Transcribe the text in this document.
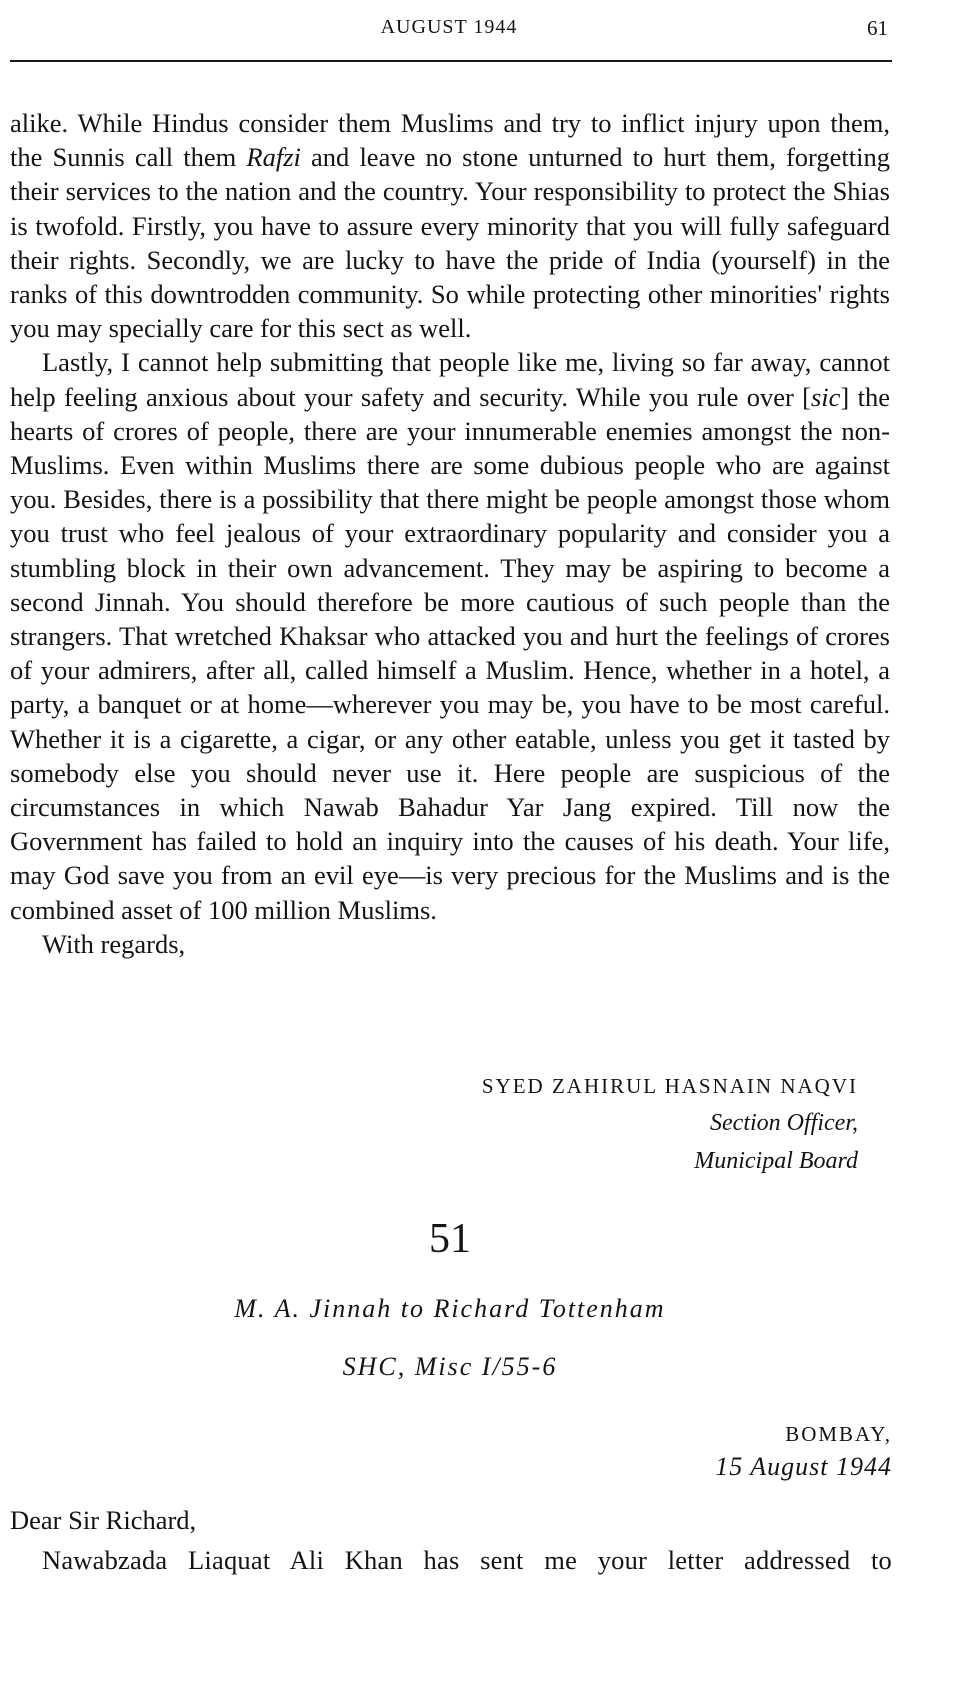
AUGUST 1944	61

alike. While Hindus consider them Muslims and try to inflict injury upon them, the Sunnis call them Rafzi and leave no stone unturned to hurt them, forgetting their services to the nation and the country. Your responsibility to protect the Shias is twofold. Firstly, you have to assure every minority that you will fully safeguard their rights. Secondly, we are lucky to have the pride of India (yourself) in the ranks of this downtrodden community. So while protecting other minorities' rights you may specially care for this sect as well.

Lastly, I cannot help submitting that people like me, living so far away, cannot help feeling anxious about your safety and security. While you rule over [sic] the hearts of crores of people, there are your innumerable enemies amongst the non-Muslims. Even within Muslims there are some dubious people who are against you. Besides, there is a possibility that there might be people amongst those whom you trust who feel jealous of your extraordinary popularity and consider you a stumbling block in their own advancement. They may be aspiring to become a second Jinnah. You should therefore be more cautious of such people than the strangers. That wretched Khaksar who attacked you and hurt the feelings of crores of your admirers, after all, called himself a Muslim. Hence, whether in a hotel, a party, a banquet or at home—wherever you may be, you have to be most careful. Whether it is a cigarette, a cigar, or any other eatable, unless you get it tasted by somebody else you should never use it. Here people are suspicious of the circumstances in which Nawab Bahadur Yar Jang expired. Till now the Government has failed to hold an inquiry into the causes of his death. Your life, may God save you from an evil eye—is very precious for the Muslims and is the combined asset of 100 million Muslims.

With regards,

SYED ZAHIRUL HASNAIN NAQVI
Section Officer,
Municipal Board
51
M. A. Jinnah to Richard Tottenham
SHC, Misc I/55-6
BOMBAY,
15 August 1944
Dear Sir Richard,
Nawabzada Liaquat Ali Khan has sent me your letter addressed to
